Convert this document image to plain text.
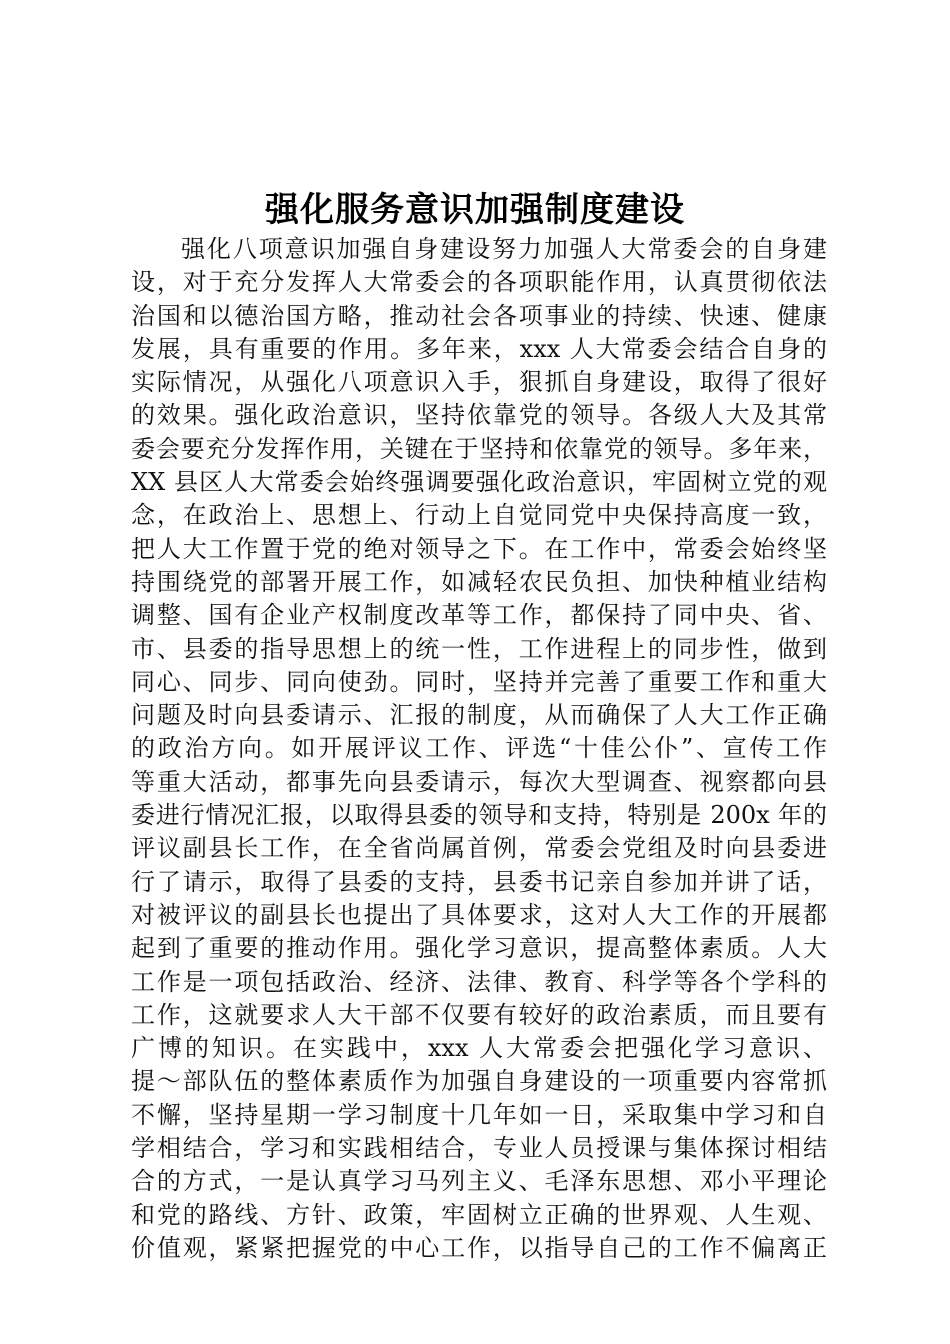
强化服务意识加强制度建设
强化八项意识加强自身建设努力加强人大常委会的自身建
设，对于充分发挥人大常委会的各项职能作用，认真贯彻依法
治国和以德治国方略，推动社会各项事业的持续、快速、健康
发展，具有重要的作用。多年来，xxx 人大常委会结合自身的
实际情况，从强化八项意识入手，狠抓自身建设，取得了很好
的效果。强化政治意识，坚持依靠党的领导。各级人大及其常
委会要充分发挥作用，关键在于坚持和依靠党的领导。多年来，
XX 县区人大常委会始终强调要强化政治意识，牢固树立党的观
念，在政治上、思想上、行动上自觉同党中央保持高度一致，
把人大工作置于党的绝对领导之下。在工作中，常委会始终坚
持围绕党的部署开展工作，如减轻农民负担、加快种植业结构
调整、国有企业产权制度改革等工作，都保持了同中央、省、
市、县委的指导思想上的统一性，工作进程上的同步性，做到
同心、同步、同向使劲。同时，坚持并完善了重要工作和重大
问题及时向县委请示、汇报的制度，从而确保了人大工作正确
的政治方向。如开展评议工作、评选“十佳公仆”、宣传工作
等重大活动，都事先向县委请示，每次大型调查、视察都向县
委进行情况汇报，以取得县委的领导和支持，特别是 200x 年的
评议副县长工作，在全省尚属首例，常委会党组及时向县委进
行了请示，取得了县委的支持，县委书记亲自参加并讲了话，
对被评议的副县长也提出了具体要求，这对人大工作的开展都
起到了重要的推动作用。强化学习意识，提高整体素质。人大
工作是一项包括政治、经济、法律、教育、科学等各个学科的
工作，这就要求人大干部不仅要有较好的政治素质，而且要有
广博的知识。在实践中，xxx 人大常委会把强化学习意识、
提～部队伍的整体素质作为加强自身建设的一项重要内容常抓
不懈，坚持星期一学习制度十几年如一日，采取集中学习和自
学相结合，学习和实践相结合，专业人员授课与集体探讨相结
合的方式，一是认真学习马列主义、毛泽东思想、邓小平理论
和党的路线、方针、政策，牢固树立正确的世界观、人生观、
价值观，紧紧把握党的中心工作，以指导自己的工作不偏离正
